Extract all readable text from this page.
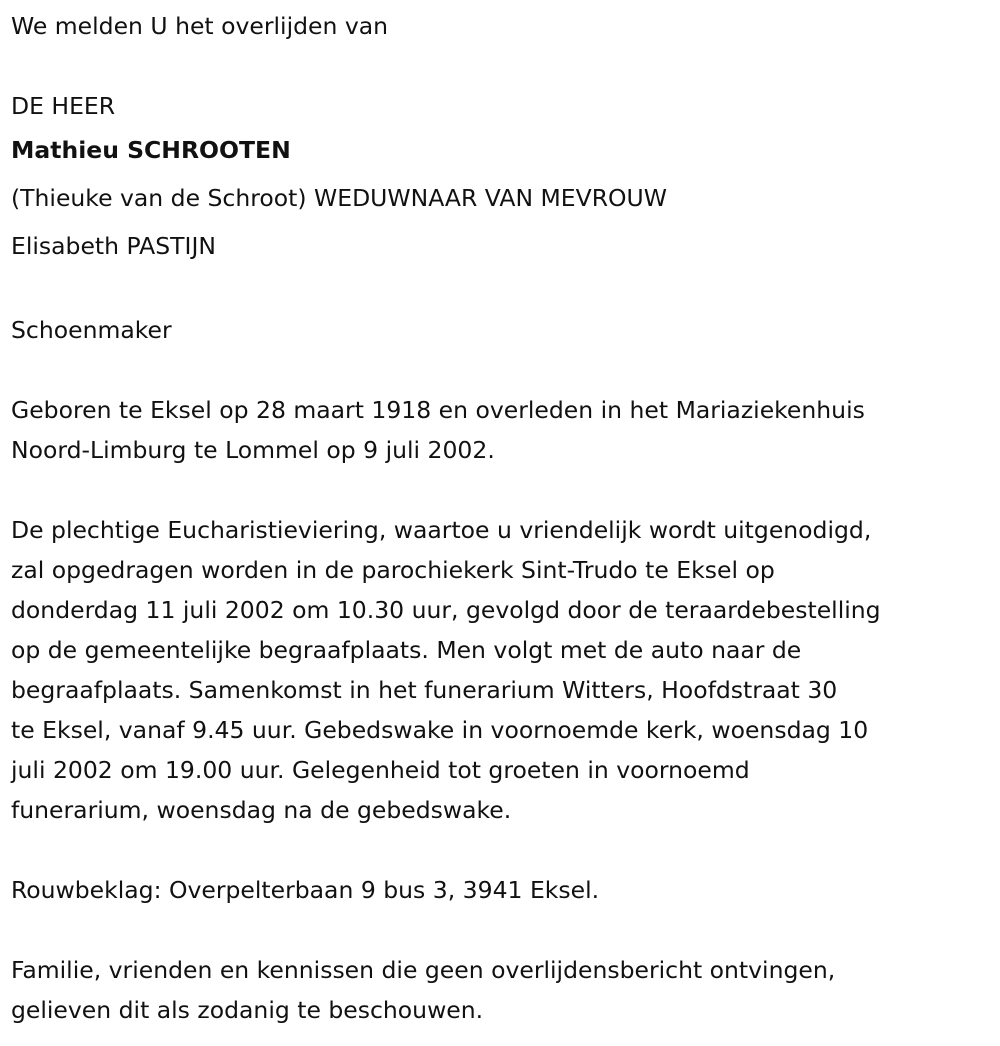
We melden U het overlijden van
DE HEER
Mathieu SCHROOTEN
(Thieuke van de Schroot) WEDUWNAAR VAN MEVROUW
Elisabeth PASTIJN
Schoenmaker
Geboren te Eksel op 28 maart 1918 en overleden in het Mariaziekenhuis
Noord-Limburg te Lommel op 9 juli 2002.
De plechtige Eucharistieviering, waartoe u vriendelijk wordt uitgenodigd,
zal opgedragen worden in de parochiekerk Sint-Trudo te Eksel op
donderdag 11 juli 2002 om 10.30 uur, gevolgd door de teraardebestelling
op de gemeentelijke begraafplaats. Men volgt met de auto naar de
begraafplaats. Samenkomst in het funerarium Witters, Hoofdstraat 30
te Eksel, vanaf 9.45 uur. Gebedswake in voornoemde kerk, woensdag 10
juli 2002 om 19.00 uur. Gelegenheid tot groeten in voornoemd
funerarium, woensdag na de gebedswake.
Rouwbeklag: Overpelterbaan 9 bus 3, 3941 Eksel.
Familie, vrienden en kennissen die geen overlijdensbericht ontvingen,
gelieven dit als zodanig te beschouwen.
